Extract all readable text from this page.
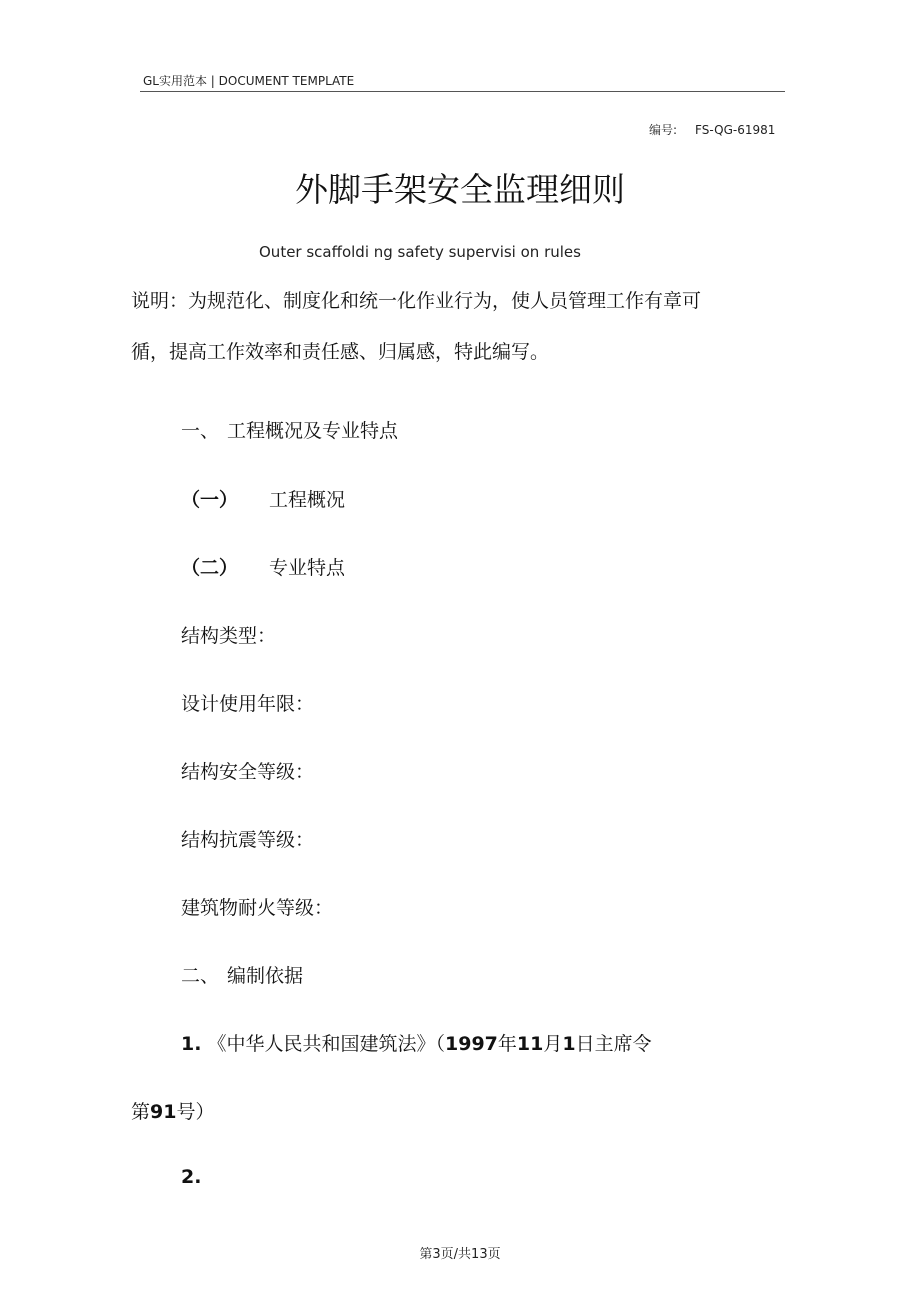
GL实用范本 | DOCUMENT TEMPLATE
编号: FS-QG-61981
外脚手架安全监理细则
Outer scaffoldi ng safety supervisi on rules
说明：为规范化、制度化和统一化作业行为，使人员管理工作有章可
循，提高工作效率和责任感、归属感，特此编写。
一、 工程概况及专业特点
（一） 工程概况
（二） 专业特点
结构类型：
设计使用年限：
结构安全等级：
结构抗震等级：
建筑物耐火等级：
二、 编制依据
1. 《中华人民共和国建筑法》（1997年11月1日主席令
第91号）
2.
第3页/共13页
